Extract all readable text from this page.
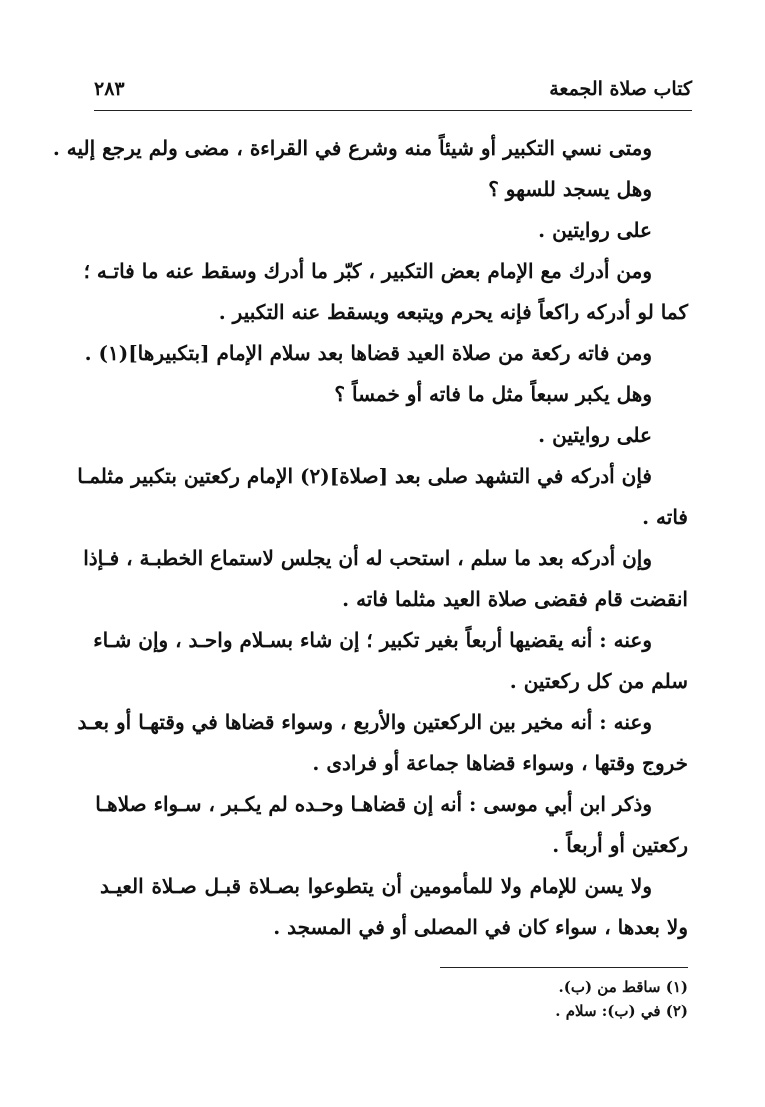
كتاب صلاة الجمعة
٢٨٣
ومتى نسي التكبير أو شيئاً منه وشرع في القراءة ، مضى ولم يرجع إليه .
وهل يسجد للسهو ؟
على روايتين .
ومن أدرك مع الإمام بعض التكبير ، كبّر ما أدرك وسقط عنه ما فاتـه ؛
كما لو أدركه راكعاً فإنه يحرم ويتبعه ويسقط عنه التكبير .
ومن فاته ركعة من صلاة العيد قضاها بعد سلام الإمام [بتكبيرها](١) .
وهل يكبر سبعاً مثل ما فاته أو خمساً ؟
على روايتين .
فإن أدركه في التشهد صلى بعد [صلاة](٢) الإمام ركعتين بتكبير مثلمـا
فاته .
وإن أدركه بعد ما سلم ، استحب له أن يجلس لاستماع الخطبـة ، فـإذا
انقضت قام فقضى صلاة العيد مثلما فاته .
وعنه : أنه يقضيها أربعاً بغير تكبير ؛ إن شاء بسـلام واحـد ، وإن شـاء
سلم من كل ركعتين .
وعنه : أنه مخير بين الركعتين والأربع ، وسواء قضاها في وقتهـا أو بعـد
خروج وقتها ، وسواء قضاها جماعة أو فرادى .
وذكر ابن أبي موسى : أنه إن قضاهـا وحـده لم يكـبر ، سـواء صلاهـا
ركعتين أو أربعاً .
ولا يسن للإمام ولا للمأمومين أن يتطوعوا بصـلاة قبـل صـلاة العيـد
ولا بعدها ، سواء كان في المصلى أو في المسجد .
(١) ساقط من (ب).
(٢) في (ب): سلام .
